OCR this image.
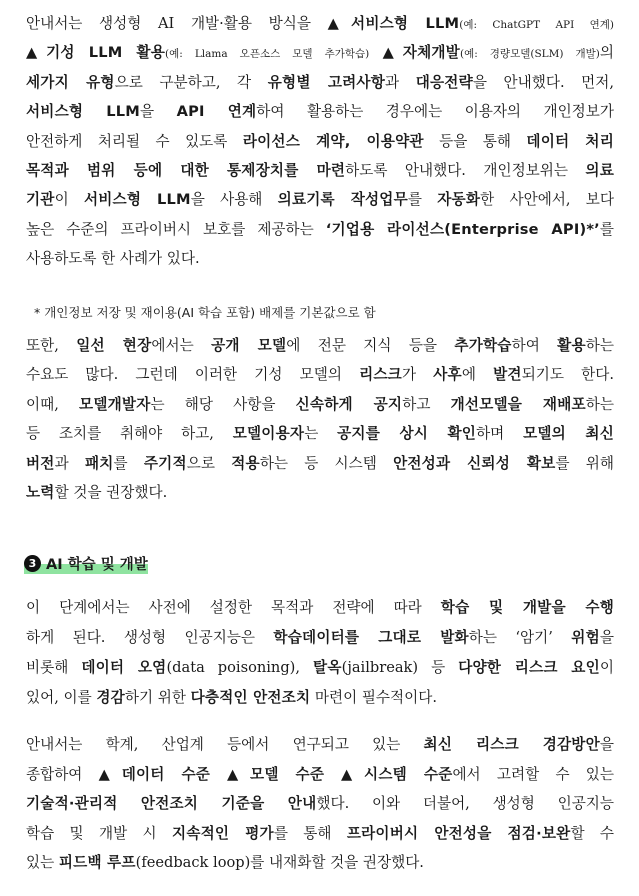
안내서는 생성형 AI 개발·활용 방식을 ▲서비스형 LLM(예: ChatGPT API 연계)
▲기성 LLM 활용(예: Llama 오픈소스 모델 추가학습) ▲자체개발(예: 경량모델(SLM) 개발)의
세가지 유형으로 구분하고, 각 유형별 고려사항과 대응전략을 안내했다. 먼저,
서비스형 LLM을 API 연계하여 활용하는 경우에는 이용자의 개인정보가
안전하게 처리될 수 있도록 라이선스 계약, 이용약관 등을 통해 데이터 처리
목적과 범위 등에 대한 통제장치를 마련하도록 안내했다. 개인정보위는 의료
기관이 서비스형 LLM을 사용해 의료기록 작성업무를 자동화한 사안에서, 보다
높은 수준의 프라이버시 보호를 제공하는 ‘기업용 라이선스(Enterprise API)*’를
사용하도록 한 사례가 있다.
* 개인정보 저장 및 재이용(AI 학습 포함) 배제를 기본값으로 함
또한, 일선 현장에서는 공개 모델에 전문 지식 등을 추가학습하여 활용하는
수요도 많다. 그런데 이러한 기성 모델의 리스크가 사후에 발견되기도 한다.
이때, 모델개발자는 해당 사항을 신속하게 공지하고 개선모델을 재배포하는
등 조치를 취해야 하고, 모델이용자는 공지를 상시 확인하며 모델의 최신
버전과 패치를 주기적으로 적용하는 등 시스템 안전성과 신뢰성 확보를 위해
노력할 것을 권장했다.
3 AI 학습 및 개발
이 단계에서는 사전에 설정한 목적과 전략에 따라 학습 및 개발을 수행
하게 된다. 생성형 인공지능은 학습데이터를 그대로 발화하는 ‘암기’ 위험을
비롯해 데이터 오염(data poisoning), 탈옥(jailbreak) 등 다양한 리스크 요인이
있어, 이를 경감하기 위한 다층적인 안전조치 마련이 필수적이다.
안내서는 학계, 산업계 등에서 연구되고 있는 최신 리스크 경감방안을
종합하여 ▲데이터 수준 ▲모델 수준 ▲시스템 수준에서 고려할 수 있는
기술적·관리적 안전조치 기준을 안내했다. 이와 더불어, 생성형 인공지능
학습 및 개발 시 지속적인 평가를 통해 프라이버시 안전성을 점검·보완할 수
있는 피드백 루프(feedback loop)를 내재화할 것을 권장했다.
